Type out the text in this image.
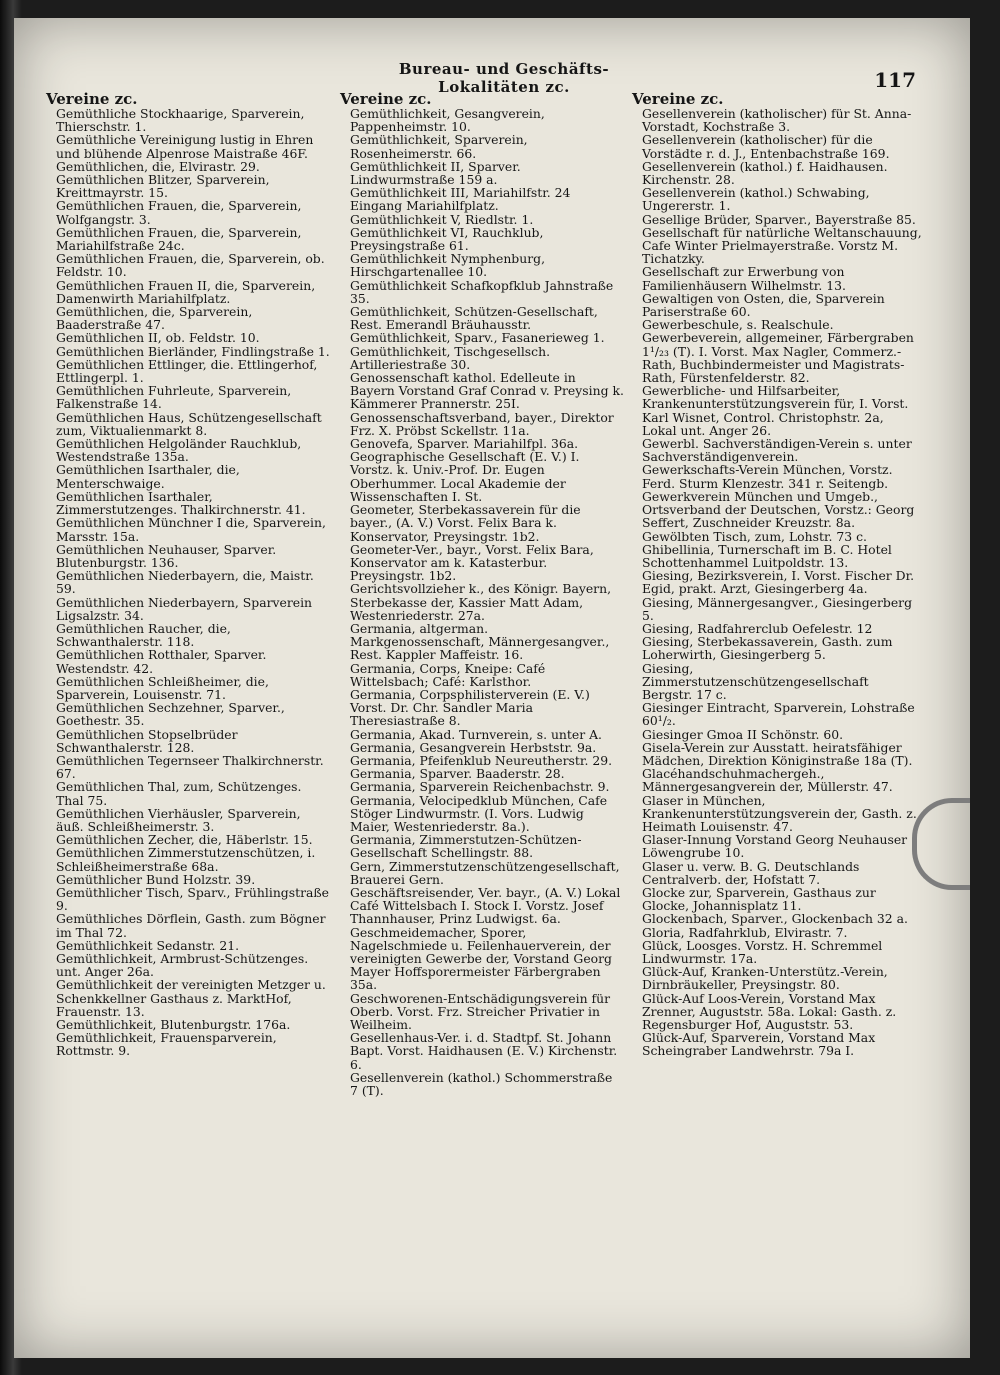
Bureau- und Geschäfts-Lokalitäten zc.	117
Vereine zc.
Gemüthliche Stockhaarige, Sparverein, Thierschstr. 1.
Gemüthliche Vereinigung lustig in Ehren und blühende Alpenrose Maistraße 46F.
Gemüthlichen, die, Elvirastr. 29.
Gemüthlichen Blitzer, Sparverein, Kreittmayrstr. 15.
Gemüthlichen Frauen, die, Sparverein, Wolfgangstr. 3.
Gemüthlichen Frauen, die, Sparverein, Mariahilfstraße 24c.
Gemüthlichen Frauen, die, Sparverein, ob. Feldstr. 10.
Gemüthlichen Frauen II, die, Sparverein, Damenwirth Mariahilfplatz.
Gemüthlichen, die, Sparverein, Baaderstraße 47.
Gemüthlichen II, ob. Feldstr. 10.
Gemüthlichen Bierländer, Findlingstraße 1.
Gemüthlichen Ettlinger, die. Ettlingerhof, Ettlingerpl. 1.
Gemüthlichen Fuhrleute, Sparverein, Falkenstraße 14.
Gemüthlichen Haus, Schützengesellschaft zum, Viktualienmarkt 8.
Gemüthlichen Helgoländer Rauchklub, Westendstraße 135a.
Gemüthlichen Isarthaler, die, Menterschwaige.
Gemüthlichen Isarthaler, Zimmerstutzenges. Thalkirchnerstr. 41.
Gemüthlichen Münchner I die, Sparverein, Marsstr. 15a.
Gemüthlichen Neuhauser, Sparver. Blutenburgstr. 136.
Gemüthlichen Niederbayern, die, Maistr. 59.
Gemüthlichen Niederbayern, Sparverein Ligsalzstr. 34.
Gemüthlichen Raucher, die, Schwanthalerstr. 118.
Gemüthlichen Rotthaler, Sparver. Westendstr. 42.
Gemüthlichen Schleißheimer, die, Sparverein, Louisenstr. 71.
Gemüthlichen Sechzehner, Sparver., Goethestr. 35.
Gemüthlichen Stopselbrüder Schwanthalerstr. 128.
Gemüthlichen Tegernseer Thalkirchnerstr. 67.
Gemüthlichen Thal, zum, Schützenges. Thal 75.
Gemüthlichen Vierhäusler, Sparverein, äuß. Schleißheimerstr. 3.
Gemüthlichen Zecher, die, Häberlstr. 15.
Gemüthlichen Zimmerstutzenschützen, i. Schleißheimerstraße 68a.
Gemüthlicher Bund Holzstr. 39.
Gemüthlicher Tisch, Sparv., Frühlingstraße 9.
Gemüthliches Dörflein, Gasth. zum Bögner im Thal 72.
Gemüthlichkeit Sedanstr. 21.
Gemüthlichkeit, Armbrust-Schützenges. unt. Anger 26a.
Gemüthlichkeit der vereinigten Metzger u. Schenkkellner Gasthaus z. MarktHof, Frauenstr. 13.
Gemüthlichkeit, Blutenburgstr. 176a.
Gemüthlichkeit, Frauensparverein, Rottmstr. 9.
Vereine zc.
Gemüthlichkeit, Gesangverein, Pappenheimstr. 10.
Gemüthlichkeit, Sparverein, Rosenheimerstr. 66.
Gemüthlichkeit II, Sparver. Lindwurmstraße 159 a.
Gemüthlichkeit III, Mariahilfstr. 24 Eingang Mariahilfplatz.
Gemüthlichkeit V, Riedlstr. 1.
Gemüthlichkeit VI, Rauchklub, Preysingstraße 61.
Gemüthlichkeit Nymphenburg, Hirschgartenallee 10.
Gemüthlichkeit Schafkopfklub Jahnstraße 35.
Gemüthlichkeit, Schützen-Gesellschaft, Rest. Emerandl Bräuhausstr.
Gemüthlichkeit, Sparv., Fasanerieweg 1.
Gemüthlichkeit, Tischgesellsch. Artilleriestraße 30.
Genossenschaft kathol. Edelleute in Bayern Vorstand Graf Conrad v. Preysing k. Kämmerer Prannerstr. 25I.
Genossenschaftsverband, bayer., Direktor Frz. X. Pröbst Sckellstr. 11a.
Genovefa, Sparver. Mariahilfpl. 36a.
Geographische Gesellschaft (E. V.) I. Vorstz. k. Univ.-Prof. Dr. Eugen Oberhummer. Local Akademie der Wissenschaften I. St.
Geometer, Sterbekassaverein für die bayer., (A. V.) Vorst. Felix Bara k. Konservator, Preysingstr. 1b2.
Geometer-Ver., bayr., Vorst. Felix Bara, Konservator am k. Katasterbur. Preysingstr. 1b2.
Gerichtsvollzieher k., des Königr. Bayern, Sterbekasse der, Kassier Matt Adam, Westenriederstr. 27a.
Germania, altgerman. Markgenossenschaft, Männergesangver., Rest. Kappler Maffeistr. 16.
Germania, Corps, Kneipe: Café Wittelsbach; Café: Karlsthor.
Germania, Corpsphilisterverein (E. V.) Vorst. Dr. Chr. Sandler Maria Theresiastraße 8.
Germania, Akad. Turnverein, s. unter A.
Germania, Gesangverein Herbststr. 9a.
Germania, Pfeifenklub Neureutherstr. 29.
Germania, Sparver. Baaderstr. 28.
Germania, Sparverein Reichenbachstr. 9.
Germania, Velocipedklub München, Cafe Stöger Lindwurmstr. (I. Vors. Ludwig Maier, Westenriederstr. 8a.).
Germania, Zimmerstutzen-Schützen-Gesellschaft Schellingstr. 88.
Gern, Zimmerstutzenschützengesellschaft, Brauerei Gern.
Geschäftsreisender, Ver. bayr., (A. V.) Lokal Café Wittelsbach I. Stock I. Vorstz. Josef Thannhauser, Prinz Ludwigst. 6a.
Geschmeidemacher, Sporer, Nagelschmiede u. Feilenhauerverein, der vereinigten Gewerbe der, Vorstand Georg Mayer Hoffsporermeister Färbergraben 35a.
Geschworenen-Entschädigungsverein für Oberb. Vorst. Frz. Streicher Privatier in Weilheim.
Gesellenhaus-Ver. i. d. Stadtpf. St. Johann Bapt. Vorst. Haidhausen (E. V.) Kirchenstr. 6.
Gesellenverein (kathol.) Schommerstraße 7 (T).
Vereine zc.
Gesellenverein (katholischer) für St. Anna-Vorstadt, Kochstraße 3.
Gesellenverein (katholischer) für die Vorstädte r. d. J., Entenbachstraße 169.
Gesellenverein (kathol.) f. Haidhausen. Kirchenstr. 28.
Gesellenverein (kathol.) Schwabing, Ungererstr. 1.
Gesellige Brüder, Sparver., Bayerstraße 85.
Gesellschaft für natürliche Weltanschauung, Cafe Winter Prielmayerstraße. Vorstz M. Tichatzky.
Gesellschaft zur Erwerbung von Familienhäusern Wilhelmstr. 13.
Gewaltigen von Osten, die, Sparverein Pariserstraße 60.
Gewerbeschule, s. Realschule.
Gewerbeverein, allgemeiner, Färbergraben 1¹/₂₃ (T). I. Vorst. Max Nagler, Commerz.-Rath, Buchbindermeister und Magistrats-Rath, Fürstenfelderstr. 82.
Gewerbliche- und Hilfsarbeiter, Krankenunterstützungsverein für, I. Vorst. Karl Wisnet, Control. Christophstr. 2a, Lokal unt. Anger 26.
Gewerbl. Sachverständigen-Verein s. unter Sachverständigenverein.
Gewerkschafts-Verein München, Vorstz. Ferd. Sturm Klenzestr. 341 r. Seitengb.
Gewerkverein München und Umgeb., Ortsverband der Deutschen, Vorstz.: Georg Seffert, Zuschneider Kreuzstr. 8a.
Gewölbten Tisch, zum, Lohstr. 73 c.
Ghibellinia, Turnerschaft im B. C. Hotel Schottenhammel Luitpoldstr. 13.
Giesing, Bezirksverein, I. Vorst. Fischer Dr. Egid, prakt. Arzt, Giesingerberg 4a.
Giesing, Männergesangver., Giesingerberg 5.
Giesing, Radfahrerclub Oefelestr. 12
Giesing, Sterbekassaverein, Gasth. zum Loherwirth, Giesingerberg 5.
Giesing, Zimmerstutzenschützengesellschaft Bergstr. 17 c.
Giesinger Eintracht, Sparverein, Lohstraße 60¹/₂.
Giesinger Gmoa II Schönstr. 60.
Gisela-Verein zur Ausstatt. heiratsfähiger Mädchen, Direktion Königinstraße 18a (T).
Glacéhandschuhmachergeh., Männergesangverein der, Müllerstr. 47.
Glaser in München, Krankenunterstützungsverein der, Gasth. z. Heimath Louisenstr. 47.
Glaser-Innung Vorstand Georg Neuhauser Löwengrube 10.
Glaser u. verw. B. G. Deutschlands Centralverb. der, Hofstatt 7.
Glocke zur, Sparverein, Gasthaus zur Glocke, Johannisplatz 11.
Glockenbach, Sparver., Glockenbach 32 a.
Gloria, Radfahrklub, Elvirastr. 7.
Glück, Loosges. Vorstz. H. Schremmel Lindwurmstr. 17a.
Glück-Auf, Kranken-Unterstütz.-Verein, Dirnbräukeller, Preysingstr. 80.
Glück-Auf Loos-Verein, Vorstand Max Zrenner, Auguststr. 58a. Lokal: Gasth. z. Regensburger Hof, Auguststr. 53.
Glück-Auf, Sparverein, Vorstand Max Scheingraber Landwehrstr. 79a I.
